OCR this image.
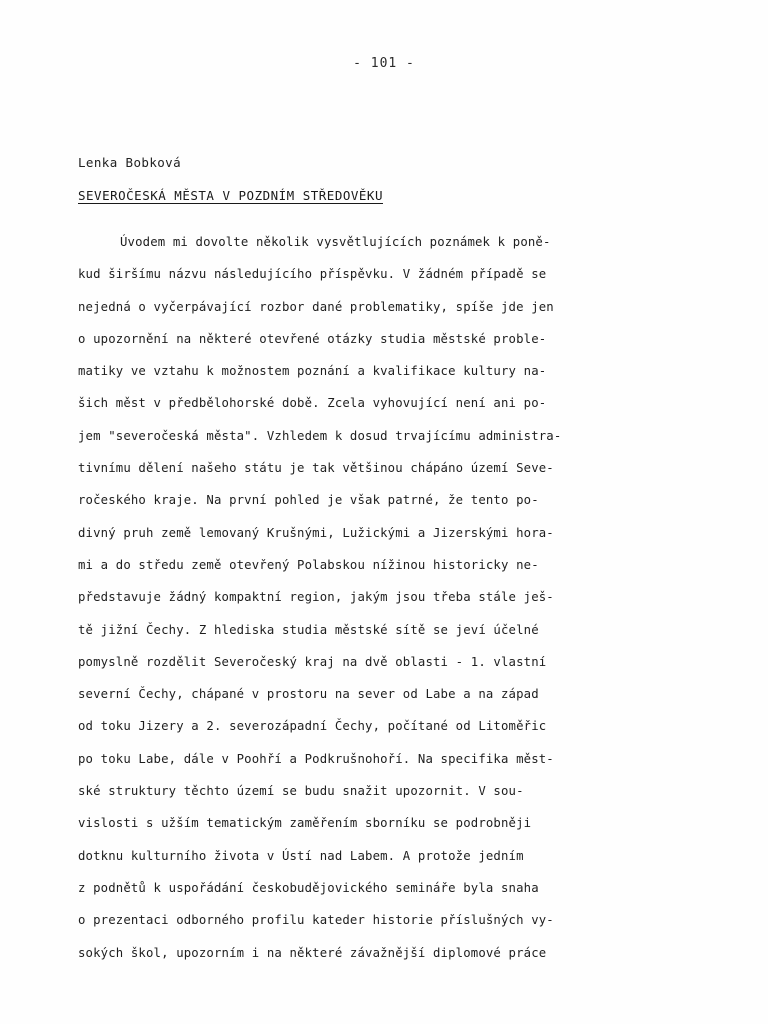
- 101 -
Lenka Bobková
SEVEROČESKÁ MĚSTA V POZDNÍM STŘEDOVĚKU
Úvodem mi dovolte několik vysvětlujících poznámek k poně-
kud širšímu názvu následujícího příspěvku. V žádném případě se
nejedná o vyčerpávající rozbor dané problematiky, spíše jde jen
o upozornění na některé otevřené otázky studia městské proble-
matiky ve vztahu k možnostem poznání a kvalifikace kultury na-
šich měst v předbělohorské době. Zcela vyhovující není ani po-
jem "severočeská města". Vzhledem k dosud trvajícímu administra-
tivnímu dělení našeho státu je tak většinou chápáno území Seve-
ročeského kraje. Na první pohled je však patrné, že tento po-
divný pruh země lemovaný Krušnými, Lužickými a Jizerskými hora-
mi a do středu země otevřený Polabskou nížinou historicky ne-
představuje žádný kompaktní region, jakým jsou třeba stále ješ-
tě jižní Čechy. Z hlediska studia městské sítě se jeví účelné
pomyslně rozdělit Severočeský kraj na dvě oblasti - 1. vlastní
severní Čechy, chápané v prostoru na sever od Labe a na západ
od toku Jizery a 2. severozápadní Čechy, počítané od Litoměřic
po toku Labe, dále v Poohří a Podkrušnohoří. Na specifika měst-
ské struktury těchto území se budu snažit upozornit. V sou-
vislosti s užším tematickým zaměřením sborníku se podrobněji
dotknu kulturního života v Ústí nad Labem. A protože jedním
z podnětů k uspořádání českobudějovického semináře byla snaha
o prezentaci odborného profilu kateder historie příslušných vy-
sokých škol, upozorním i na některé závažnější diplomové práce
